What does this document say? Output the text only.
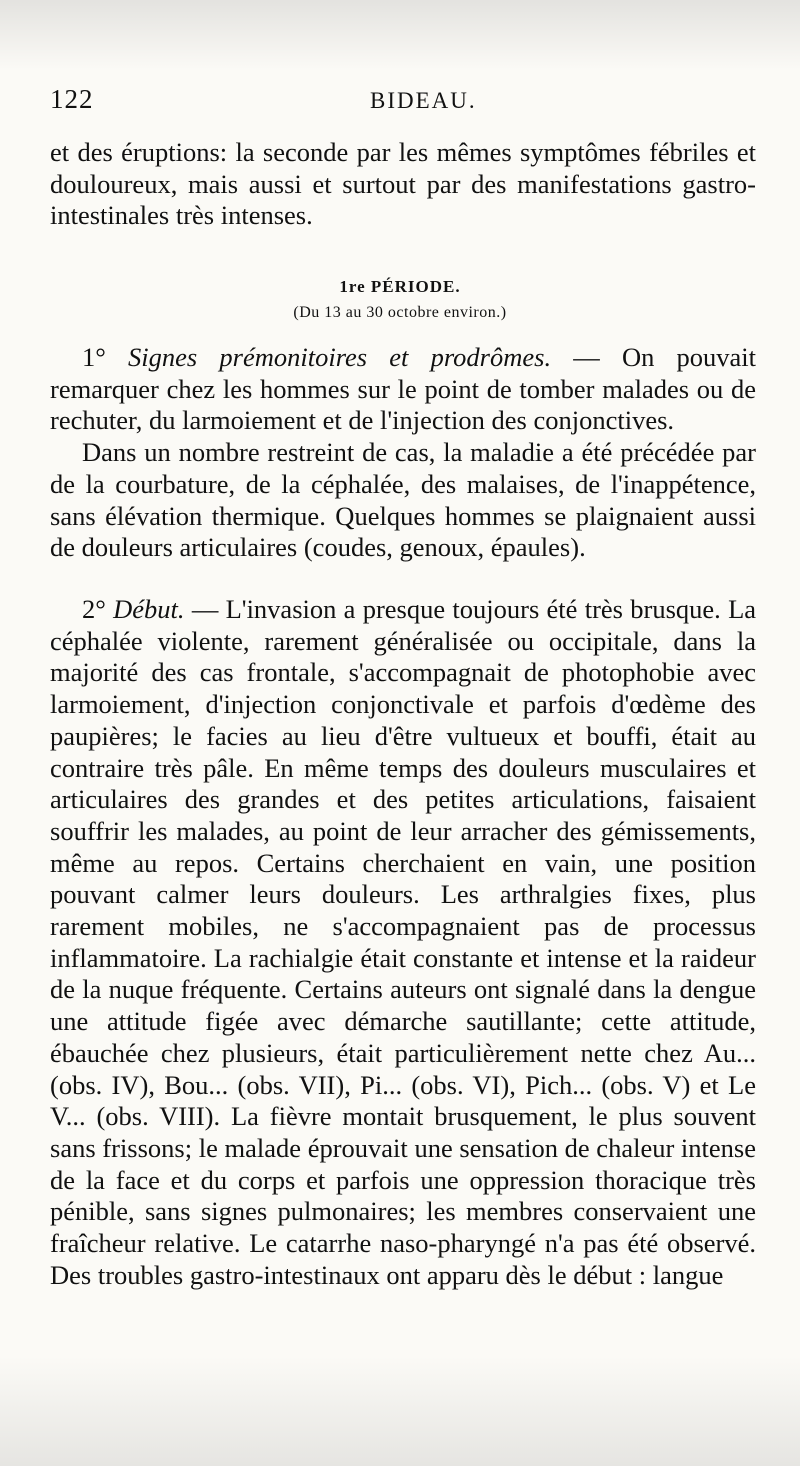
122	BIDEAU.

et des éruptions: la seconde par les mêmes symptômes fébriles et douloureux, mais aussi et surtout par des manifestations gastro-intestinales très intenses.

1re PÉRIODE.
(Du 13 au 30 octobre environ.)

1° Signes prémonitoires et prodrômes. — On pouvait remarquer chez les hommes sur le point de tomber malades ou de rechuter, du larmoiement et de l'injection des conjonctives.

Dans un nombre restreint de cas, la maladie a été précédée par de la courbature, de la céphalée, des malaises, de l'inappétence, sans élévation thermique. Quelques hommes se plaignaient aussi de douleurs articulaires (coudes, genoux, épaules).

2° Début. — L'invasion a presque toujours été très brusque. La céphalée violente, rarement généralisée ou occipitale, dans la majorité des cas frontale, s'accompagnait de photophobie avec larmoiement, d'injection conjonctivale et parfois d'œdème des paupières; le facies au lieu d'être vultueux et bouffi, était au contraire très pâle. En même temps des douleurs musculaires et articulaires des grandes et des petites articulations, faisaient souffrir les malades, au point de leur arracher des gémissements, même au repos. Certains cherchaient en vain, une position pouvant calmer leurs douleurs. Les arthralgies fixes, plus rarement mobiles, ne s'accompagnaient pas de processus inflammatoire. La rachialgie était constante et intense et la raideur de la nuque fréquente. Certains auteurs ont signalé dans la dengue une attitude figée avec démarche sautillante; cette attitude, ébauchée chez plusieurs, était particulièrement nette chez Au... (obs. IV), Bou... (obs. VII), Pi... (obs. VI), Pich... (obs. V) et Le V... (obs. VIII). La fièvre montait brusquement, le plus souvent sans frissons; le malade éprouvait une sensation de chaleur intense de la face et du corps et parfois une oppression thoracique très pénible, sans signes pulmonaires; les membres conservaient une fraîcheur relative. Le catarrhe naso-pharyngé n'a pas été observé. Des troubles gastro-intestinaux ont apparu dès le début : langue
